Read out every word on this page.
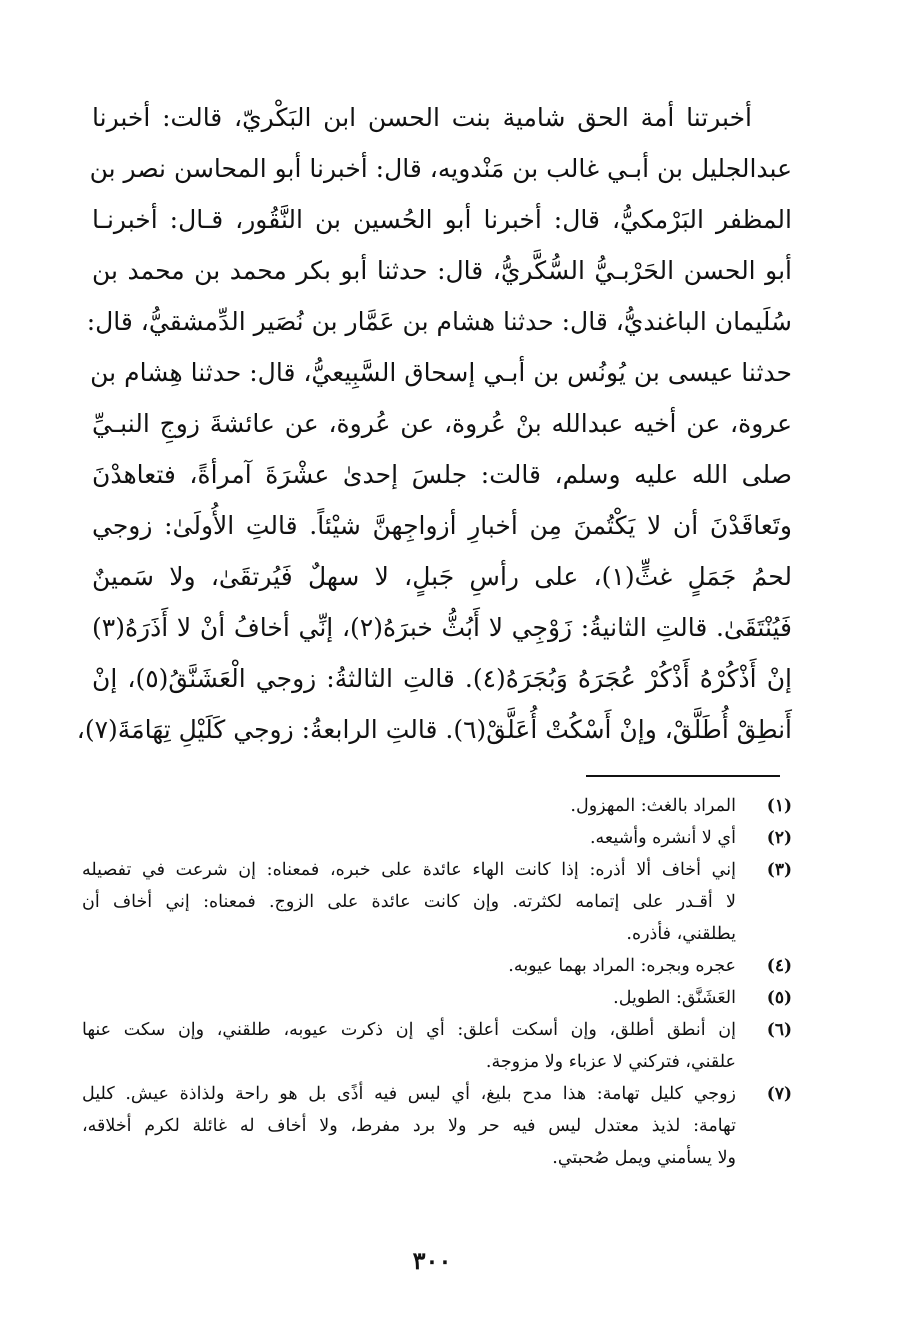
أخبرتنا أمة الحق شامية بنت الحسن ابن البَكْريّ، قالت: أخبرنا
عبدالجليل بن أبـي غالب بن مَنْدويه، قال: أخبرنا أبو المحاسن نصر بن
المظفر البَرْمكيُّ، قال: أخبرنا أبو الحُسين بن النَّقُور، قـال: أخبرنـا
أبو الحسن الحَرْبـيُّ السُّكَّريُّ، قال: حدثنا أبو بكر محمد بن محمد بن
سُلَيمان الباغنديُّ، قال: حدثنا هشام بن عَمَّار بن نُصَير الدِّمشقيُّ، قال:
حدثنا عيسى بن يُونُس بن أبـي إسحاق السَّبِيعيُّ، قال: حدثنا هِشام بن
عروة، عن أخيه عبدالله بنْ عُروة، عن عُروة، عن عائشةَ زوجِ النبـيِّ
صلى الله عليه وسلم، قالت: جلسَ إحدىٰ عشْرَةَ آمرأةً، فتعاهدْنَ
وتَعاقَدْنَ أن لا يَكْتُمنَ مِن أخبارِ أزواجِهنَّ شيْئاً. قالتِ الأُولَىٰ: زوجي
لحمُ جَمَلٍ غثٍّ(١)، على رأسِ جَبلٍ، لا سهلٌ فَيُرتقَىٰ، ولا سَمينٌ
فَيُنْتَقَىٰ. قالتِ الثانيةُ: زَوْجِي لا أَبُثُّ خبرَهُ(٢)، إنِّي أخافُ أنْ لا أَذَرَهُ(٣)
إنْ أَذْكُرْهُ أَذْكُرْ عُجَرَهُ وَبُجَرَهُ(٤). قالتِ الثالثةُ: زوجي الْعَشَنَّقُ(٥)، إنْ
أَنطِقْ أُطَلَّقْ، وإنْ أَسْكُتْ أُعَلَّقْ(٦). قالتِ الرابعةُ: زوجي كَلَيْلِ تِهَامَةَ(٧)،
(١)
المراد بالغث: المهزول.
(٢)
أي لا أنشره وأشيعه.
(٣)
إني أخاف ألا أذره: إذا كانت الهاء عائدة على خبره، فمعناه: إن شرعت في تفصيله
لا أقـدر على إتمامه لكثرته. وإن كانت عائدة على الزوج. فمعناه: إني أخاف أن
يطلقني، فأذره.
(٤)
عجره وبجره: المراد بهما عيوبه.
(٥)
العَشَنَّق: الطويل.
(٦)
إن أنطق أطلق، وإن أسكت أعلق: أي إن ذكرت عيوبه، طلقني، وإن سكت عنها
علقني، فتركني لا عزباء ولا مزوجة.
(٧)
زوجي كليل تهامة: هذا مدح بليغ، أي ليس فيه أذًى بل هو راحة ولذاذة عيش. كليل
تهامة: لذيذ معتدل ليس فيه حر ولا برد مفرط، ولا أخاف له غائلة لكرم أخلاقه،
ولا يسأمني ويمل صُحبتي.
٣٠٠
